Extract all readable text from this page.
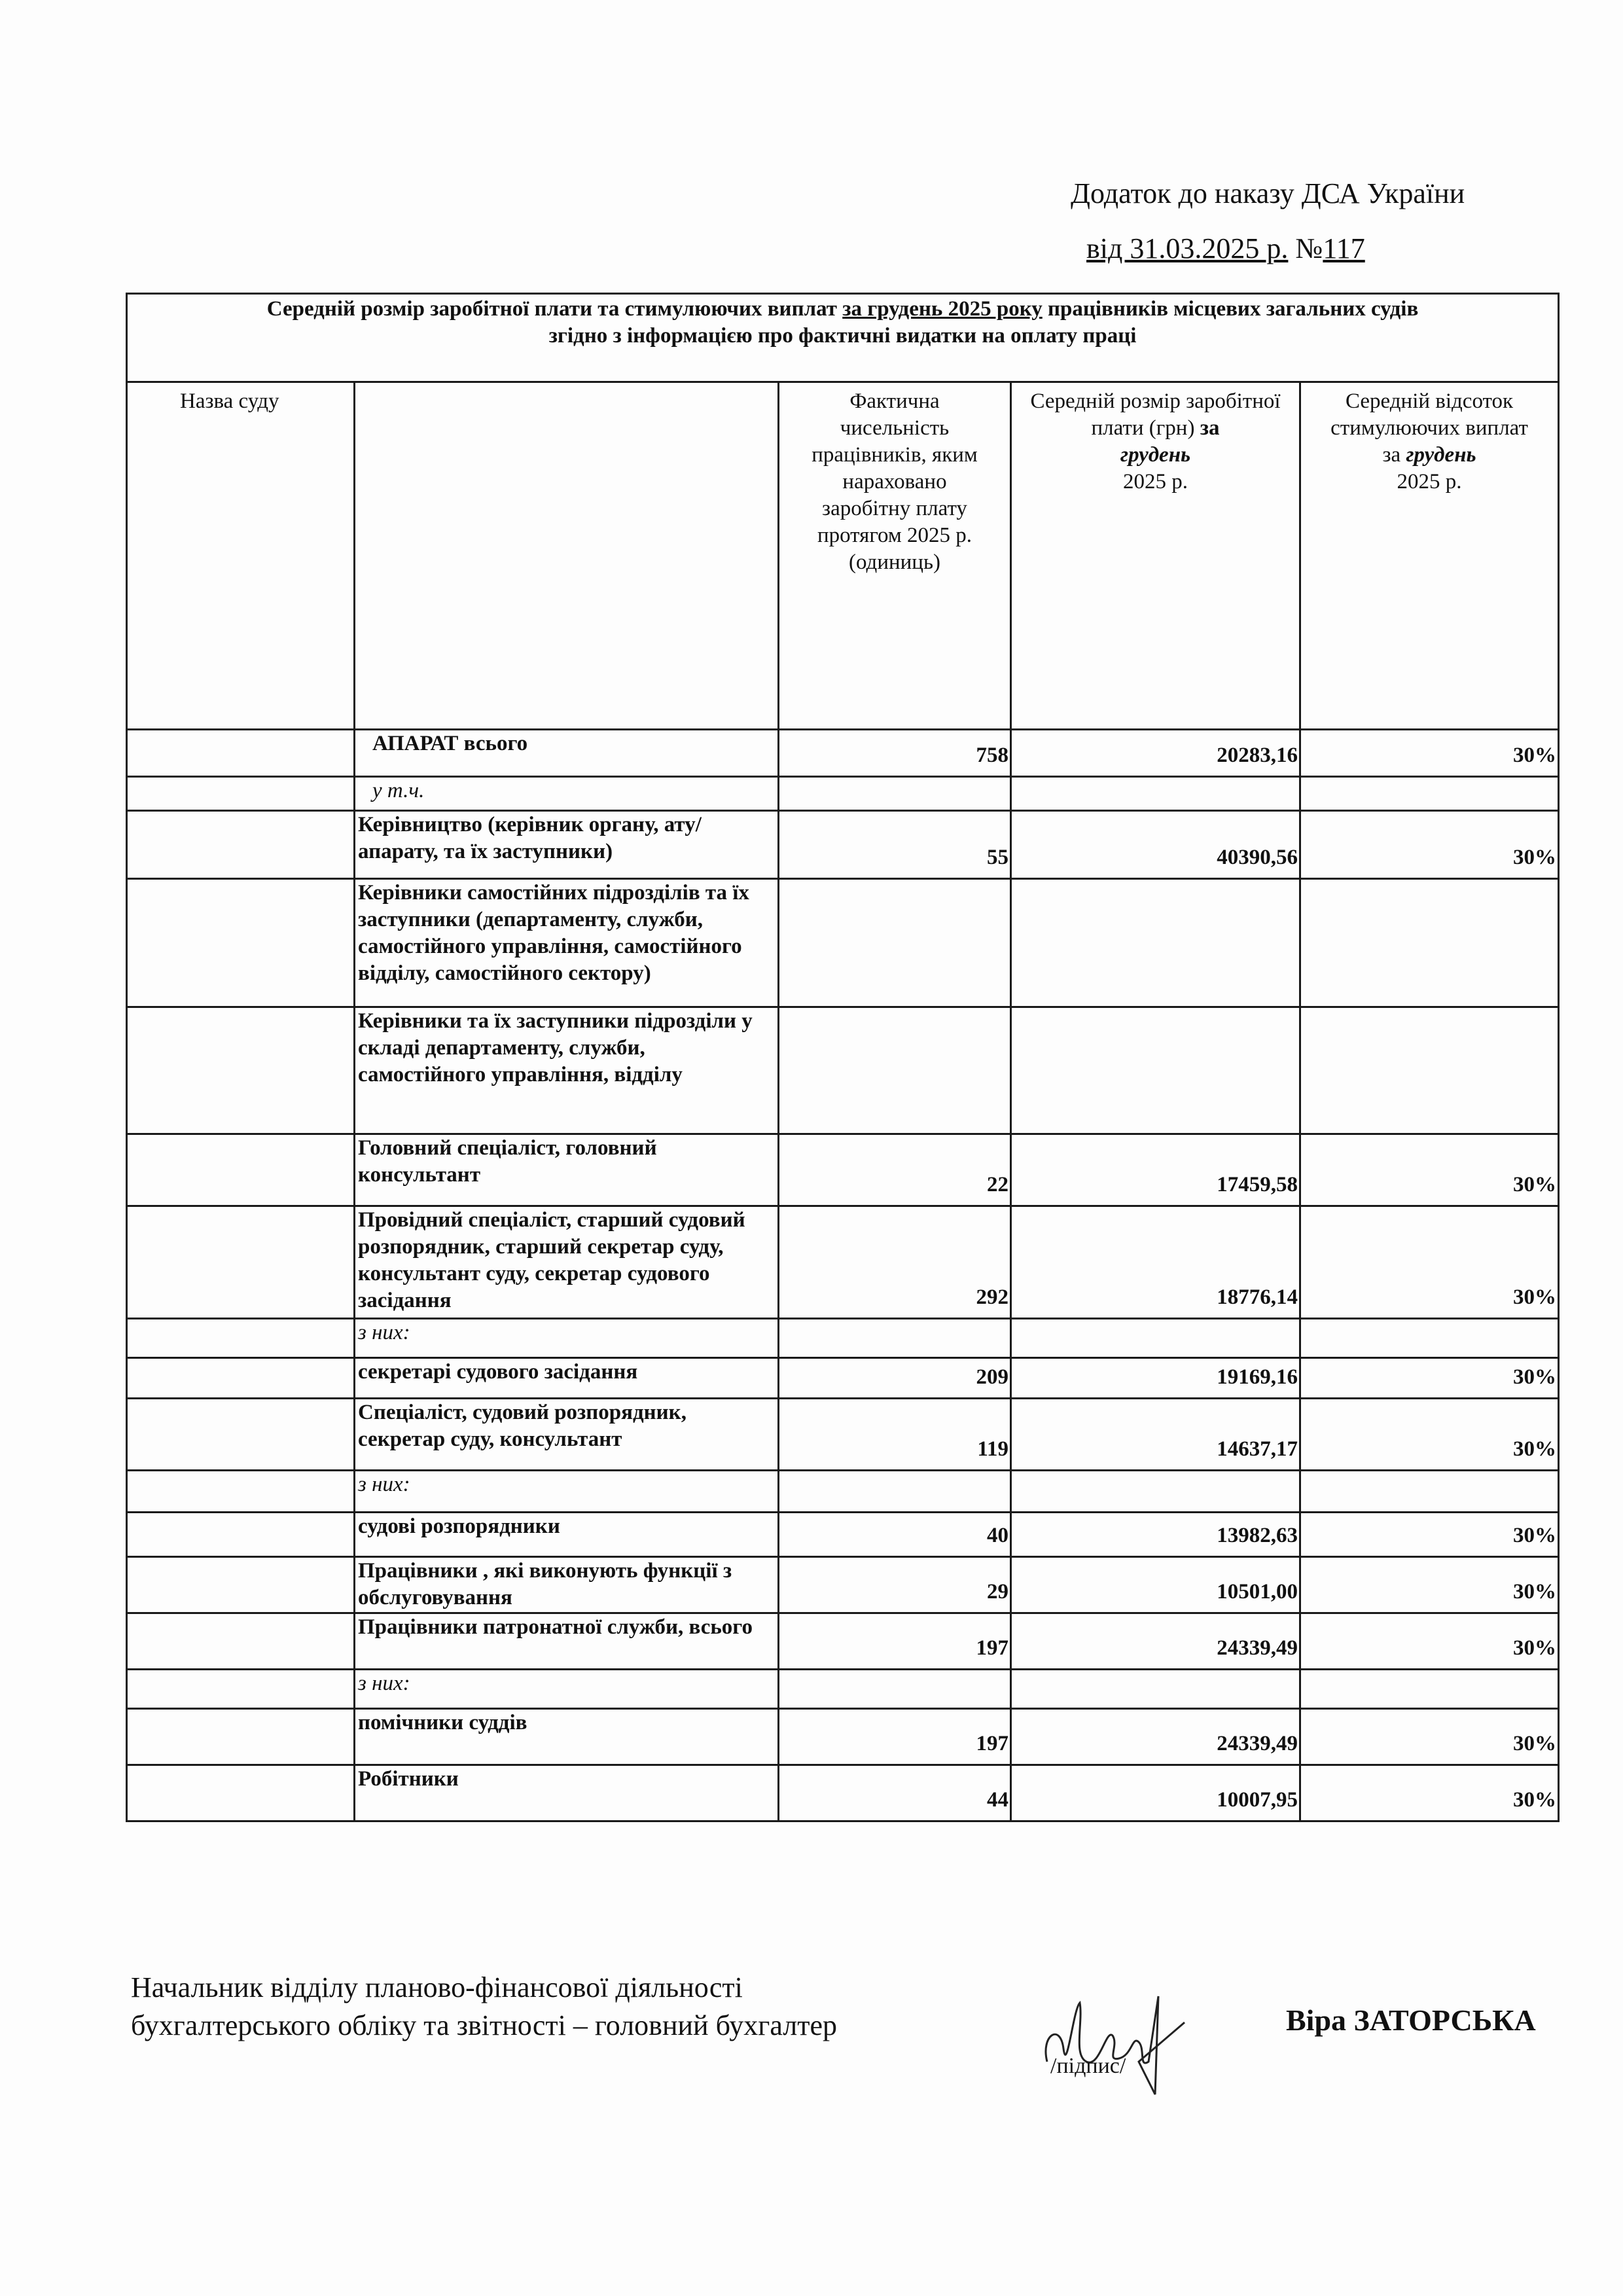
Додаток до наказу ДСА України
від 31.03.2025 р. №117
Середній розмір заробітної плати та стимулюючих виплат за грудень 2025 року працівників місцевих загальних судів
згідно з інформацією про фактичні видатки на оплату праці				
Назва суду		Фактична чисельність працівників, яким нараховано заробітну плату протягом 2025 р. (одиниць)	Середній розмір заробітної плати (грн) за
грудень
2025 р.	Середній відсоток стимулюючих виплат за грудень
2025 р.
	АПАРАТ всього	758	20283,16	30%
	у т.ч.			
	Керівництво (керівник органу, ату/апарату, та їх заступники)	55	40390,56	30%
	Керівники самостійних підрозділів та їх заступники (департаменту, служби, самостійного управління, самостійного відділу, самостійного сектору)			
	Керівники та їх заступники підрозділи у складі департаменту, служби, самостійного управління, відділу			
	Головний спеціаліст, головний консультант	22	17459,58	30%
	Провідний спеціаліст, старший судовий розпорядник, старший секретар суду, консультант суду, секретар судового засідання	292	18776,14	30%
	з них:			
	секретарі судового засідання	209	19169,16	30%
	Спеціаліст, судовий розпорядник, секретар суду, консультант	119	14637,17	30%
	з них:			
	судові розпорядники	40	13982,63	30%
	Працівники , які виконують функції з обслуговування	29	10501,00	30%
	Працівники патронатної служби, всього	197	24339,49	30%
	з них:			
	помічники суддів	197	24339,49	30%
	Робітники	44	10007,95	30%
Начальник відділу планово-фінансової діяльності
бухгалтерського обліку та звітності – головний бухгалтер
/підпис/
Віра ЗАТОРСЬКА
